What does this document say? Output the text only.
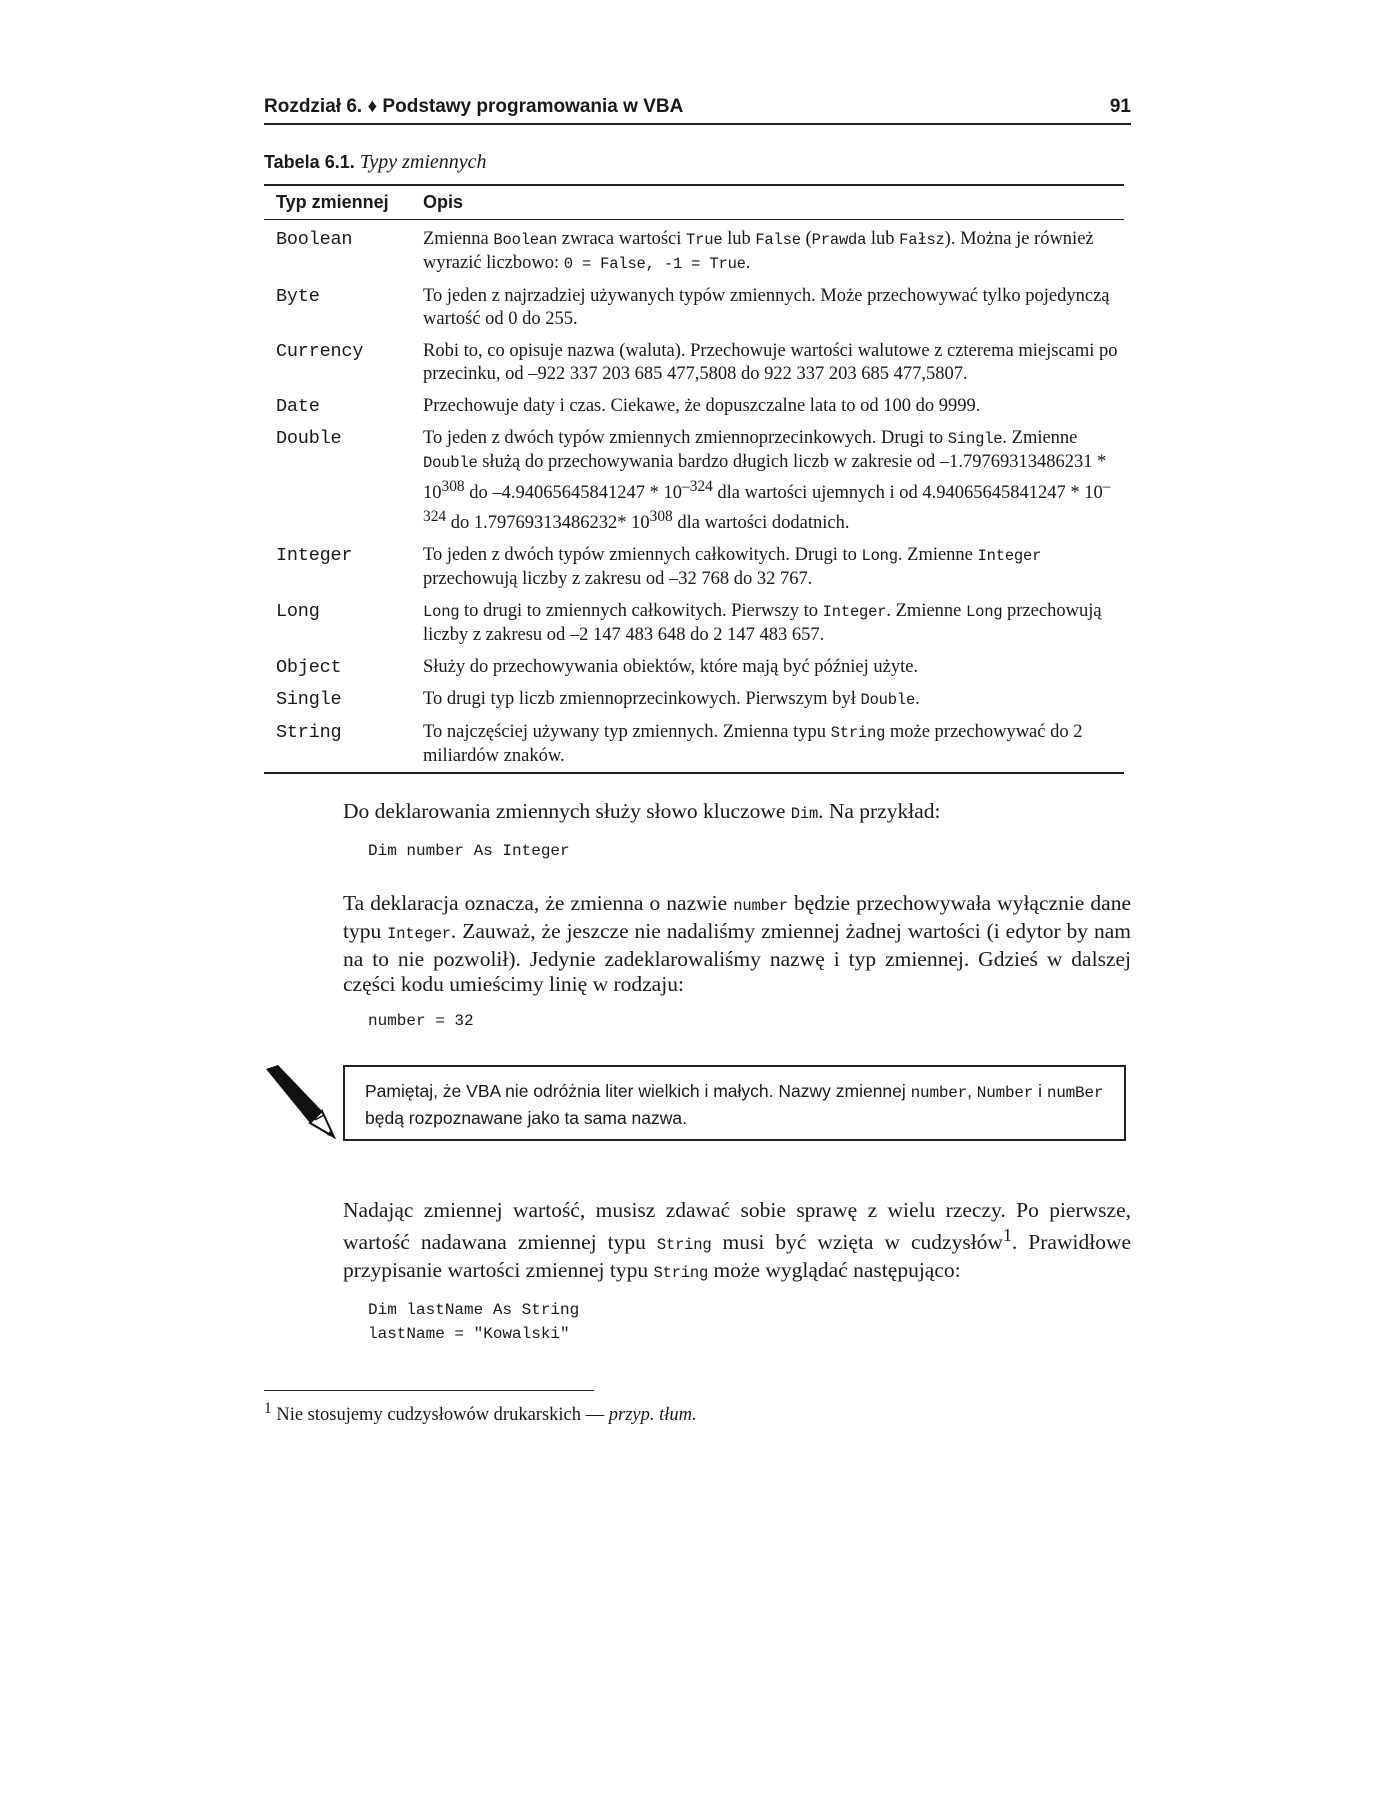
Rozdział 6. ♦ Podstawy programowania w VBA	91
Tabela 6.1. Typy zmiennych
Typ zmiennej	Opis
Boolean	Zmienna Boolean zwraca wartości True lub False (Prawda lub Fałsz). Można je również wyrazić liczbowo: 0 = False, -1 = True.
Byte	To jeden z najrzadziej używanych typów zmiennych. Może przechowywać tylko pojedynczą wartość od 0 do 255.
Currency	Robi to, co opisuje nazwa (waluta). Przechowuje wartości walutowe z czterema miejscami po przecinku, od –922 337 203 685 477,5808 do 922 337 203 685 477,5807.
Date	Przechowuje daty i czas. Ciekawe, że dopuszczalne lata to od 100 do 9999.
Double	To jeden z dwóch typów zmiennych zmiennoprzecinkowych. Drugi to Single. Zmienne Double służą do przechowywania bardzo długich liczb w zakresie od $-1.79769313486231 * 10^{308}$ do $-4.94065645841247 * 10^{-324}$ dla wartości ujemnych i od $4.94065645841247 * 10^{-324}$ do 1.79769313486232* $10^{308}$ dla wartości dodatnich.
Integer	To jeden z dwóch typów zmiennych całkowitych. Drugi to Long. Zmienne Integer przechowują liczby z zakresu od –32 768 do 32 767.
Long	Long to drugi to zmiennych całkowitych. Pierwszy to Integer. Zmienne Long przechowują liczby z zakresu od –2 147 483 648 do 2 147 483 657.
Object	Służy do przechowywania obiektów, które mają być później użyte.
Single	To drugi typ liczb zmiennoprzecinkowych. Pierwszym był Double.
String	To najczęściej używany typ zmiennych. Zmienna typu String może przechowywać do 2 miliardów znaków.

Do deklarowania zmiennych służy słowo kluczowe Dim. Na przykład:

Dim number As Integer

Ta deklaracja oznacza, że zmienna o nazwie number będzie przechowywała wyłącznie dane typu Integer. Zauważ, że jeszcze nie nadaliśmy zmiennej żadnej wartości (i edytor by nam na to nie pozwolił). Jedynie zadeklarowaliśmy nazwę i typ zmiennej. Gdzieś w dalszej części kodu umieścimy linię w rodzaju:

number = 32
Pamiętaj, że VBA nie odróżnia liter wielkich i małych. Nazwy zmiennej number, Number i numBer będą rozpoznawane jako ta sama nazwa.

Nadając zmiennej wartość, musisz zdawać sobie sprawę z wielu rzeczy. Po pierwsze, wartość nadawana zmiennej typu String musi być wzięta w cudzysłów$^1$. Prawidłowe przypisanie wartości zmiennej typu String może wyglądać następująco:

Dim lastName As String
lastName = "Kowalski"
$^1$ Nie stosujemy cudzysłowów drukarskich — przyp. tłum.
